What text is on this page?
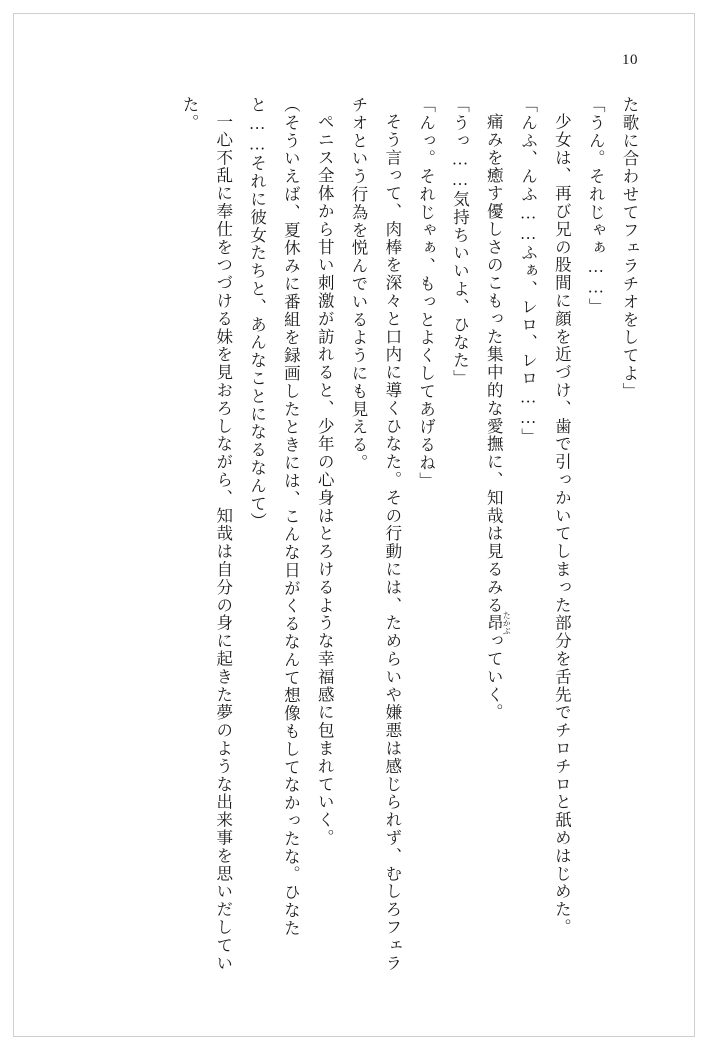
10

た歌に合わせてフェラチオをしてよ」

「うん。それじゃぁ……」

少女は、再び兄の股間に顔を近づけ、歯で引っかいてしまった部分を舌先でチロチロと舐めはじめた。

「んふ、んふ……ふぁ、レロ、レロ……」

痛みを癒す優しさのこもった集中的な愛撫に、知哉は見るみる昂 たかぶっていく。

「うっ……気持ちいいよ、ひなた」

「んっ。それじゃぁ、もっとよくしてあげるね」

そう言って、肉棒を深々と口内に導くひなた。その行動には、ためらいや嫌悪は感じられず、むしろフェラチオという行為を悦んでいるようにも見える。

ペニス全体から甘い刺激が訪れると、少年の心身はとろけるような幸福感に包まれていく。

（そういえば、夏休みに番組を録画したときには、こんな日がくるなんて想像もしてなかったな。ひなたと……それに彼女たちと、あんなことになるなんて）

一心不乱に奉仕をつづける妹を見おろしながら、知哉は自分の身に起きた夢のような出来事を思いだしていた。
